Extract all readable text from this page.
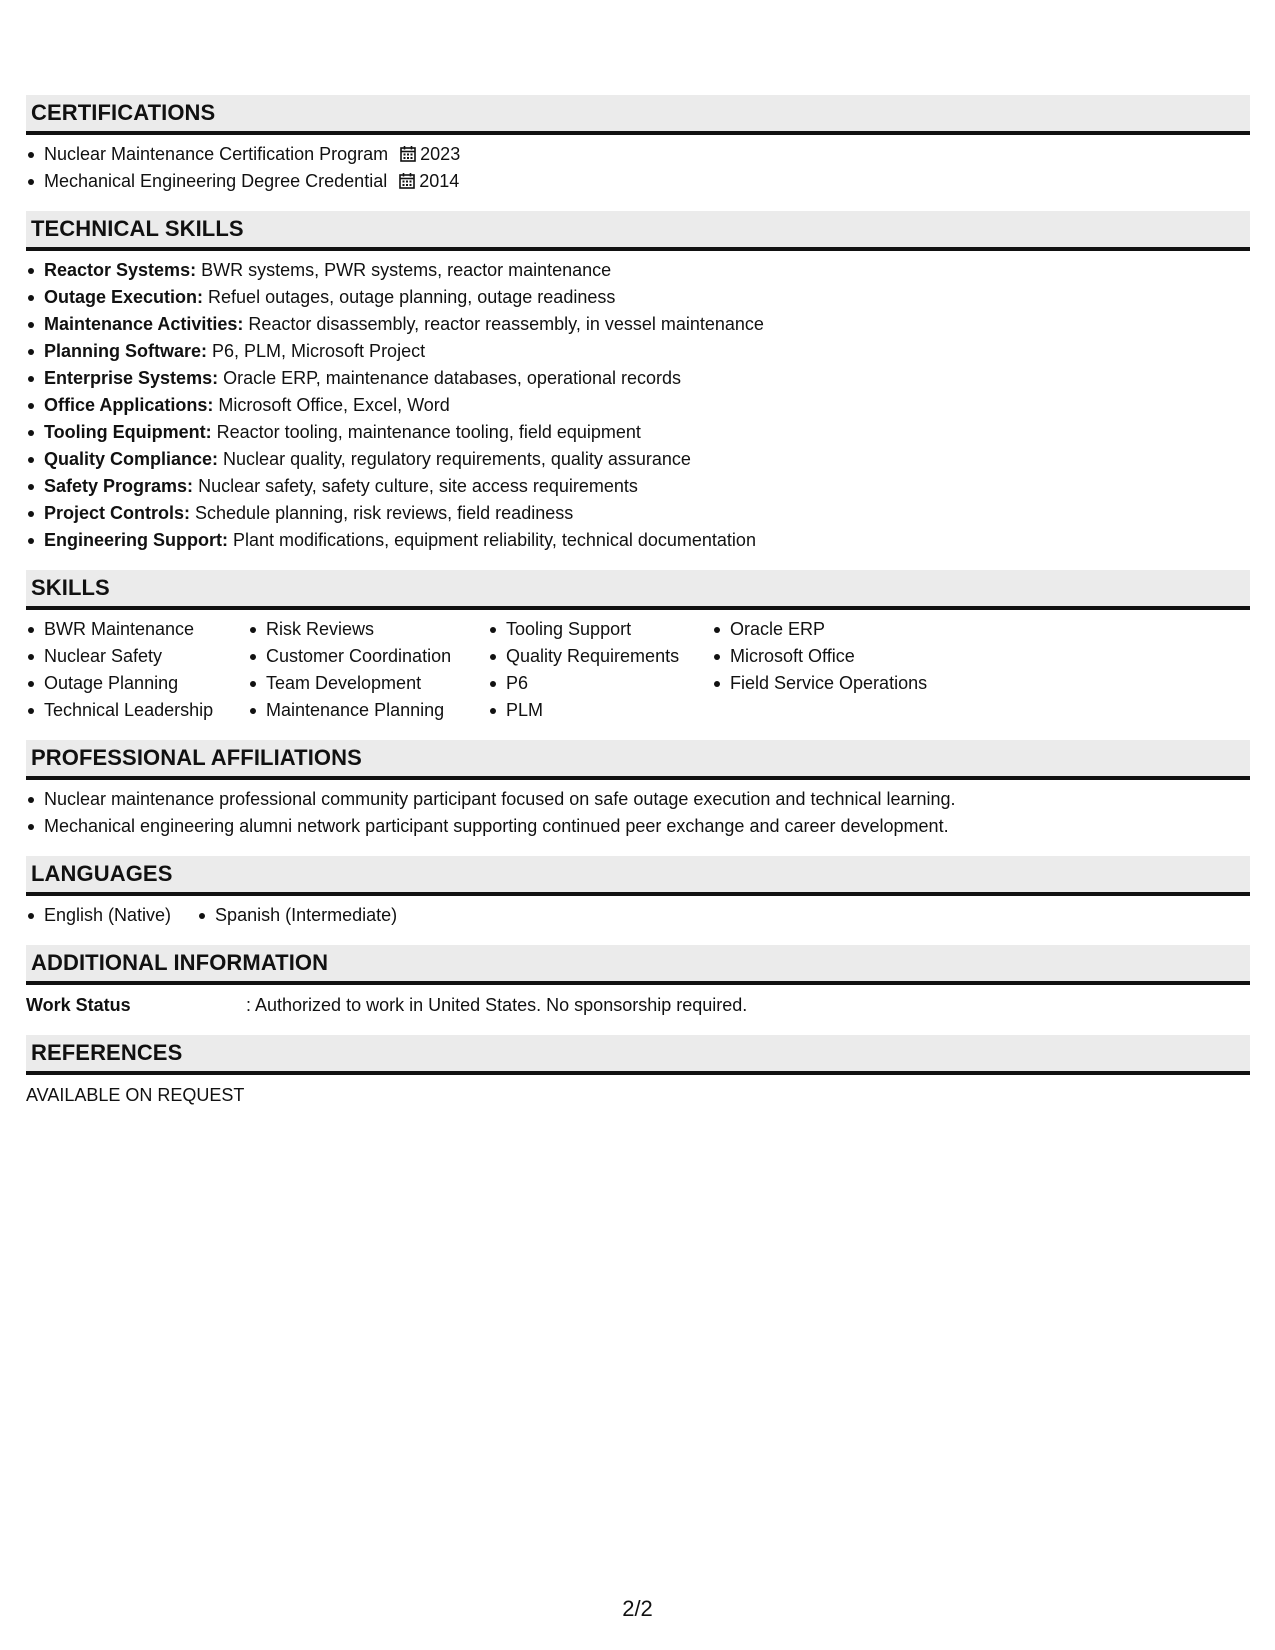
CERTIFICATIONS
Nuclear Maintenance Certification Program 2023
Mechanical Engineering Degree Credential 2014
TECHNICAL SKILLS
Reactor Systems: BWR systems, PWR systems, reactor maintenance
Outage Execution: Refuel outages, outage planning, outage readiness
Maintenance Activities: Reactor disassembly, reactor reassembly, in vessel maintenance
Planning Software: P6, PLM, Microsoft Project
Enterprise Systems: Oracle ERP, maintenance databases, operational records
Office Applications: Microsoft Office, Excel, Word
Tooling Equipment: Reactor tooling, maintenance tooling, field equipment
Quality Compliance: Nuclear quality, regulatory requirements, quality assurance
Safety Programs: Nuclear safety, safety culture, site access requirements
Project Controls: Schedule planning, risk reviews, field readiness
Engineering Support: Plant modifications, equipment reliability, technical documentation
SKILLS
BWR Maintenance
Nuclear Safety
Outage Planning
Technical Leadership
Risk Reviews
Customer Coordination
Team Development
Maintenance Planning
Tooling Support
Quality Requirements
P6
PLM
Oracle ERP
Microsoft Office
Field Service Operations
PROFESSIONAL AFFILIATIONS
Nuclear maintenance professional community participant focused on safe outage execution and technical learning.
Mechanical engineering alumni network participant supporting continued peer exchange and career development.
LANGUAGES
English (Native)	Spanish (Intermediate)
ADDITIONAL INFORMATION
Work Status	: Authorized to work in United States. No sponsorship required.
REFERENCES
AVAILABLE ON REQUEST
2/2
